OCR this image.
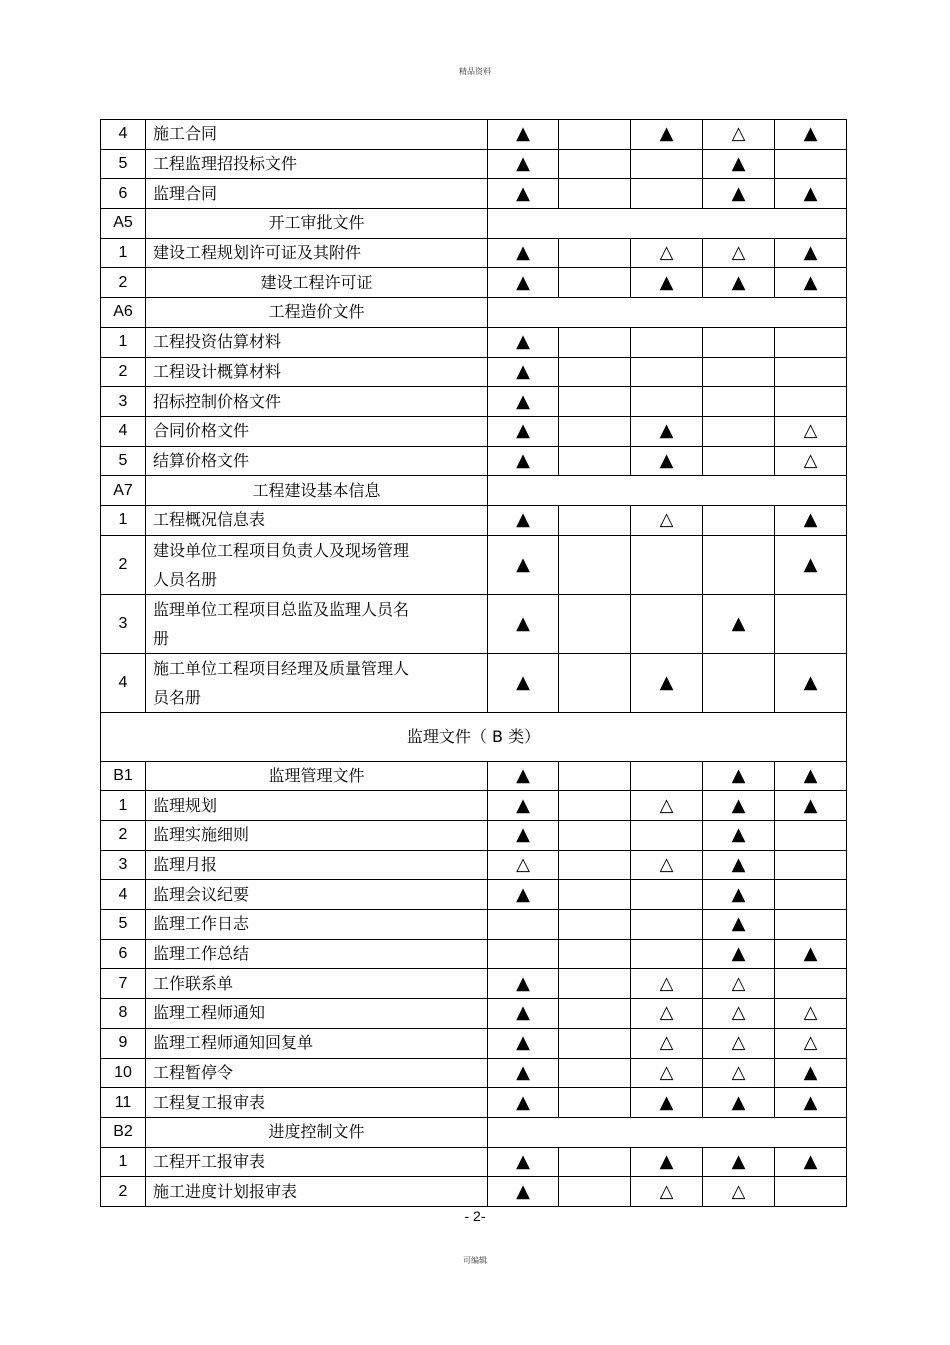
精品资料
4	施工合同	▲		▲	△	▲
5	工程监理招投标文件	▲			▲	
6	监理合同	▲			▲	▲
A5	开工审批文件					
1	建设工程规划许可证及其附件	▲		△	△	▲
2	建设工程许可证	▲		▲	▲	▲
A6	工程造价文件					
1	工程投资估算材料	▲				
2	工程设计概算材料	▲				
3	招标控制价格文件	▲				
4	合同价格文件	▲		▲		△
5	结算价格文件	▲		▲		△
A7	工程建设基本信息					
1	工程概况信息表	▲		△		▲
2	建设单位工程项目负责人及现场管理
人员名册	▲				▲
3	监理单位工程项目总监及监理人员名
册	▲			▲	
4	施工单位工程项目经理及质量管理人
员名册	▲		▲		▲
监理文件（ B 类）						
B1	监理管理文件	▲			▲	▲
1	监理规划	▲		△	▲	▲
2	监理实施细则	▲			▲	
3	监理月报	△		△	▲	
4	监理会议纪要	▲			▲	
5	监理工作日志				▲	
6	监理工作总结				▲	▲
7	工作联系单	▲		△	△	
8	监理工程师通知	▲		△	△	△
9	监理工程师通知回复单	▲		△	△	△
10	工程暂停令	▲		△	△	▲
11	工程复工报审表	▲		▲	▲	▲
B2	进度控制文件					
1	工程开工报审表	▲		▲	▲	▲
2	施工进度计划报审表	▲		△	△	
- 2-
可编辑
